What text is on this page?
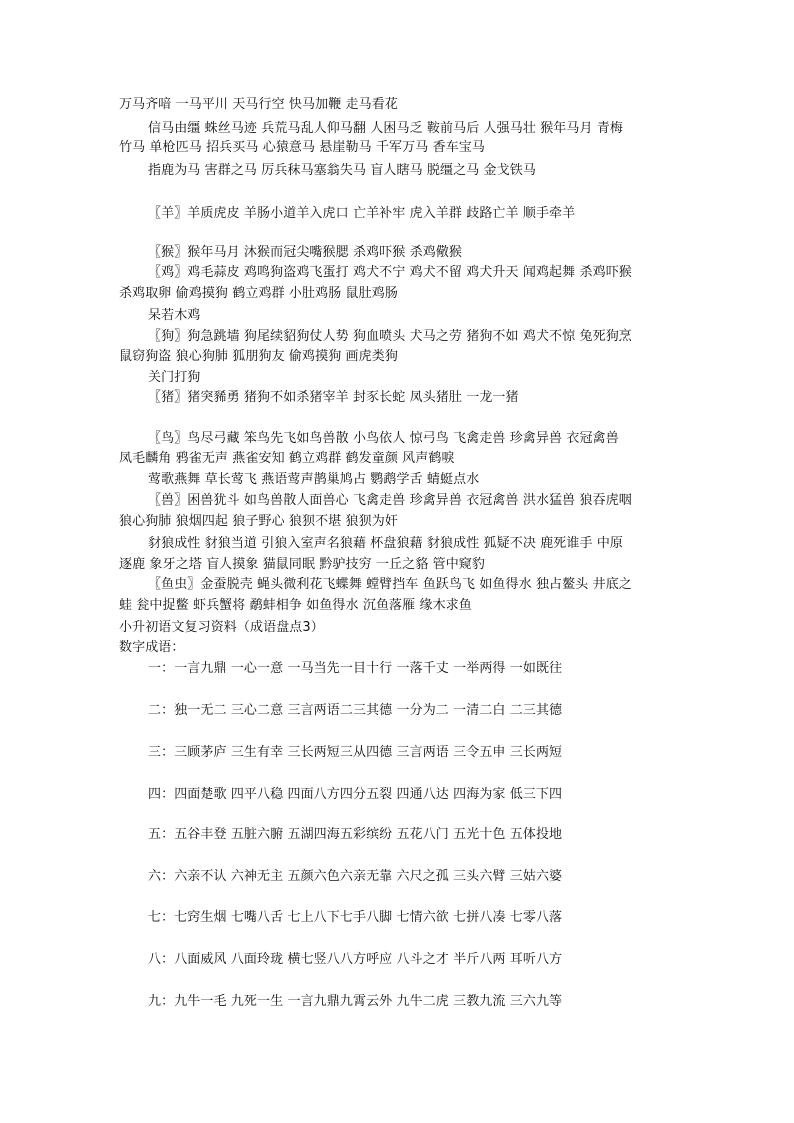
万马齐喑 一马平川 天马行空 快马加鞭 走马看花
信马由缰 蛛丝马迹 兵荒马乱人仰马翻 人困马乏 鞍前马后 人强马壮 猴年马月 青梅
竹马 单枪匹马 招兵买马 心猿意马 悬崖勒马 千军万马 香车宝马
指鹿为马 害群之马 厉兵秣马塞翁失马 盲人瞎马 脱缰之马 金戈铁马
〖羊〗羊质虎皮 羊肠小道羊入虎口 亡羊补牢 虎入羊群 歧路亡羊 顺手牵羊
〖猴〗猴年马月 沐猴而冠尖嘴猴腮 杀鸡吓猴 杀鸡儆猴
〖鸡〗鸡毛蒜皮 鸡鸣狗盗鸡飞蛋打 鸡犬不宁 鸡犬不留 鸡犬升天 闻鸡起舞 杀鸡吓猴
杀鸡取卵 偷鸡摸狗 鹤立鸡群 小肚鸡肠 鼠肚鸡肠
呆若木鸡
〖狗〗狗急跳墙 狗尾续貂狗仗人势 狗血喷头 犬马之劳 猪狗不如 鸡犬不惊 兔死狗烹
鼠窃狗盗 狼心狗肺 狐朋狗友 偷鸡摸狗 画虎类狗
关门打狗
〖猪〗猪突豨勇 猪狗不如杀猪宰羊 封豕长蛇 凤头猪肚 一龙一猪
〖鸟〗鸟尽弓藏 笨鸟先飞如鸟兽散 小鸟依人 惊弓鸟 飞禽走兽 珍禽异兽 衣冠禽兽
凤毛麟角 鸦雀无声 燕雀安知 鹤立鸡群 鹤发童颜 风声鹤唳
莺歌燕舞 草长莺飞 燕语莺声鹊巢鸠占 鹦鹉学舌 蜻蜓点水
〖兽〗困兽犹斗 如鸟兽散人面兽心 飞禽走兽 珍禽异兽 衣冠禽兽 洪水猛兽 狼吞虎咽
狼心狗肺 狼烟四起 狼子野心 狼狈不堪 狼狈为奸
豺狼成性 豺狼当道 引狼入室声名狼藉 杯盘狼藉 豺狼成性 狐疑不决 鹿死谁手 中原
逐鹿 象牙之塔 盲人摸象 猫鼠同眠 黔驴技穷 一丘之貉 管中窥豹
〖鱼虫〗金蚕脱壳 蝇头微利花飞蝶舞 螳臂挡车 鱼跃鸟飞 如鱼得水 独占鳌头 井底之
蛙 瓮中捉鳖 虾兵蟹将 鹬蚌相争 如鱼得水 沉鱼落雁 缘木求鱼
小升初语文复习资料（成语盘点3）
数字成语：
一：一言九鼎 一心一意 一马当先一目十行 一落千丈 一举两得 一如既往
二：独一无二 三心二意 三言两语二三其德 一分为二 一清二白 二三其德
三：三顾茅庐 三生有幸 三长两短三从四德 三言两语 三令五申 三长两短
四：四面楚歌 四平八稳 四面八方四分五裂 四通八达 四海为家 低三下四
五：五谷丰登 五脏六腑 五湖四海五彩缤纷 五花八门 五光十色 五体投地
六：六亲不认 六神无主 五颜六色六亲无靠 六尺之孤 三头六臂 三姑六婆
七：七窍生烟 七嘴八舌 七上八下七手八脚 七情六欲 七拼八凑 七零八落
八：八面威风 八面玲珑 横七竖八八方呼应 八斗之才 半斤八两 耳听八方
九：九牛一毛 九死一生 一言九鼎九霄云外 九牛二虎 三教九流 三六九等
